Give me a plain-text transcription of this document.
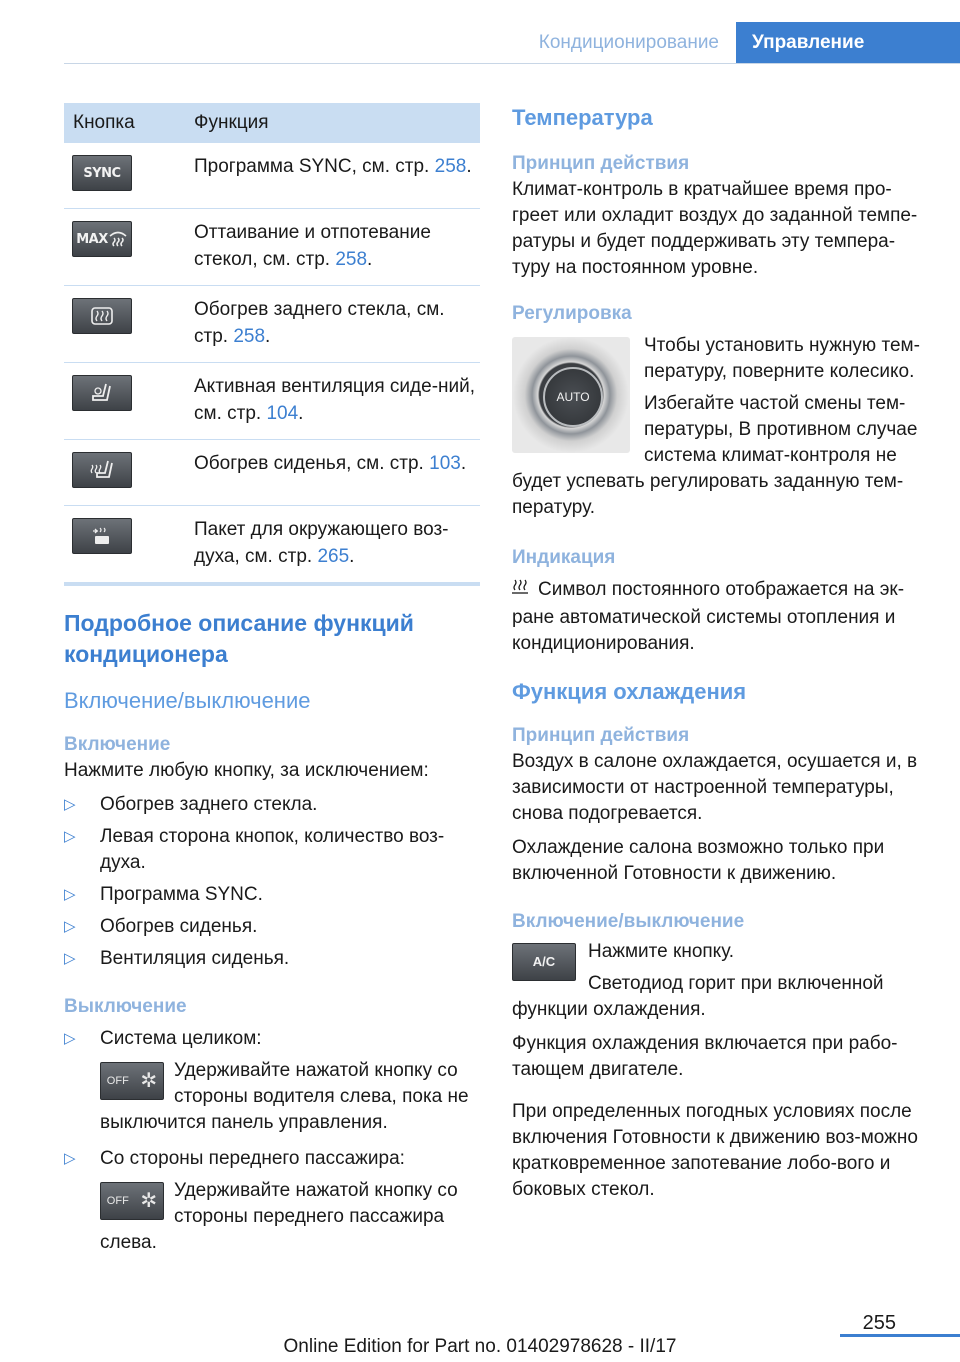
Кондиционирование	Управление
Кнопка	Функция

SYNC	Программа SYNC, см. стр. 258.

MAX	Оттаивание и отпотевание стекол, см. стр. 258.

	Обогрев заднего стекла, см. стр. 258.

	Активная вентиляция сиде-ний, см. стр. 104.

	Обогрев сиденья, см. стр. 103.

	Пакет для окружающего воз-духа, см. стр. 265.
Подробное описание функций кондиционера
Включение/выключение
Включение

Нажмите любую кнопку, за исключением:

▷ Обогрев заднего стекла.
▷ Левая сторона кнопок, количество воз-духа.
▷ Программа SYNC.
▷ Обогрев сиденья.
▷ Вентиляция сиденья.
Выключение
▷ Система целиком:
OFF ✲ Удерживайте нажатой кнопку со стороны водителя слева, пока не выключится панель управления.
▷ Со стороны переднего пассажира:
OFF ✲ Удерживайте нажатой кнопку со стороны переднего пассажира слева.
Температура
Принцип действия

Климат-контроль в кратчайшее время про-греет или охладит воздух до заданной темпе-ратуры и будет поддерживать эту темпера-туру на постоянном уровне.

Регулировка
AUTO

Чтобы установить нужную тем-пературу, поверните колесико.

Избегайте частой смены тем-пературы, В противном случае система климат-контроля не будет успевать регулировать заданную тем-пературу.

Индикация

Символ постоянного отображается на эк-ране автоматической системы отопления и кондиционирования.

Функция охлаждения
Принцип действия

Воздух в салоне охлаждается, осушается и, в зависимости от настроенной температуры, снова подогревается.

Охлаждение салона возможно только при включенной Готовности к движению.

Включение/выключение
A/C	Нажмите кнопку.

Светодиод горит при включенной функции охлаждения.

Функция охлаждения включается при рабо-тающем двигателе.

При определенных погодных условиях после включения Готовности к движению воз-можно кратковременное запотевание лобо-вого и боковых стекол.

255
Online Edition for Part no. 01402978628 - II/17
